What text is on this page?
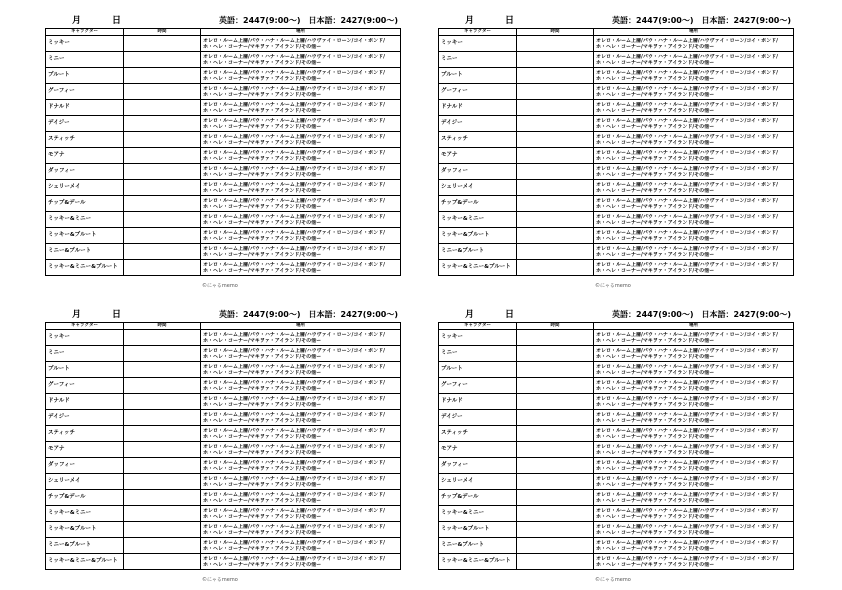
月	日	英語：2447(9:00～)　日本語：2427(9:00～)
キャラクター	時間	場所
ミッキー		オレロ・ルーム上層/パウ・ハナ・ルーム上層/ハウヴァイ・ローン/コイ・ポンド/
ホ・ヘレ・コーナー/マキヲァ・アイランド/その他ー

ミニー		オレロ・ルーム上層/パウ・ハナ・ルーム上層/ハウヴァイ・ローン/コイ・ポンド/
ホ・ヘレ・コーナー/マキヲァ・アイランド/その他ー

プルート		オレロ・ルーム上層/パウ・ハナ・ルーム上層/ハウヴァイ・ローン/コイ・ポンド/
ホ・ヘレ・コーナー/マキヲァ・アイランド/その他ー

グーフィー		オレロ・ルーム上層/パウ・ハナ・ルーム上層/ハウヴァイ・ローン/コイ・ポンド/
ホ・ヘレ・コーナー/マキヲァ・アイランド/その他ー

ドナルド		オレロ・ルーム上層/パウ・ハナ・ルーム上層/ハウヴァイ・ローン/コイ・ポンド/
ホ・ヘレ・コーナー/マキヲァ・アイランド/その他ー

デイジー		オレロ・ルーム上層/パウ・ハナ・ルーム上層/ハウヴァイ・ローン/コイ・ポンド/
ホ・ヘレ・コーナー/マキヲァ・アイランド/その他ー

スティッチ		オレロ・ルーム上層/パウ・ハナ・ルーム上層/ハウヴァイ・ローン/コイ・ポンド/
ホ・ヘレ・コーナー/マキヲァ・アイランド/その他ー

モアナ		オレロ・ルーム上層/パウ・ハナ・ルーム上層/ハウヴァイ・ローン/コイ・ポンド/
ホ・ヘレ・コーナー/マキヲァ・アイランド/その他ー

ダッフィー		オレロ・ルーム上層/パウ・ハナ・ルーム上層/ハウヴァイ・ローン/コイ・ポンド/
ホ・ヘレ・コーナー/マキヲァ・アイランド/その他ー

シェリーメイ		オレロ・ルーム上層/パウ・ハナ・ルーム上層/ハウヴァイ・ローン/コイ・ポンド/
ホ・ヘレ・コーナー/マキヲァ・アイランド/その他ー

チップ&デール		オレロ・ルーム上層/パウ・ハナ・ルーム上層/ハウヴァイ・ローン/コイ・ポンド/
ホ・ヘレ・コーナー/マキヲァ・アイランド/その他ー

ミッキー&ミニー		オレロ・ルーム上層/パウ・ハナ・ルーム上層/ハウヴァイ・ローン/コイ・ポンド/
ホ・ヘレ・コーナー/マキヲァ・アイランド/その他ー

ミッキー&プルート		オレロ・ルーム上層/パウ・ハナ・ルーム上層/ハウヴァイ・ローン/コイ・ポンド/
ホ・ヘレ・コーナー/マキヲァ・アイランド/その他ー

ミニー&プルート		オレロ・ルーム上層/パウ・ハナ・ルーム上層/ハウヴァイ・ローン/コイ・ポンド/
ホ・ヘレ・コーナー/マキヲァ・アイランド/その他ー

ミッキー&ミニー&プルート		オレロ・ルーム上層/パウ・ハナ・ルーム上層/ハウヴァイ・ローン/コイ・ポンド/
ホ・ヘレ・コーナー/マキヲァ・アイランド/その他ー
©にゃるmemo
月	日	英語：2447(9:00～)　日本語：2427(9:00～)
キャラクター	時間	場所
ミッキー		オレロ・ルーム上層/パウ・ハナ・ルーム上層/ハウヴァイ・ローン/コイ・ポンド/
ホ・ヘレ・コーナー/マキヲァ・アイランド/その他ー

ミニー		オレロ・ルーム上層/パウ・ハナ・ルーム上層/ハウヴァイ・ローン/コイ・ポンド/
ホ・ヘレ・コーナー/マキヲァ・アイランド/その他ー

プルート		オレロ・ルーム上層/パウ・ハナ・ルーム上層/ハウヴァイ・ローン/コイ・ポンド/
ホ・ヘレ・コーナー/マキヲァ・アイランド/その他ー

グーフィー		オレロ・ルーム上層/パウ・ハナ・ルーム上層/ハウヴァイ・ローン/コイ・ポンド/
ホ・ヘレ・コーナー/マキヲァ・アイランド/その他ー

ドナルド		オレロ・ルーム上層/パウ・ハナ・ルーム上層/ハウヴァイ・ローン/コイ・ポンド/
ホ・ヘレ・コーナー/マキヲァ・アイランド/その他ー

デイジー		オレロ・ルーム上層/パウ・ハナ・ルーム上層/ハウヴァイ・ローン/コイ・ポンド/
ホ・ヘレ・コーナー/マキヲァ・アイランド/その他ー

スティッチ		オレロ・ルーム上層/パウ・ハナ・ルーム上層/ハウヴァイ・ローン/コイ・ポンド/
ホ・ヘレ・コーナー/マキヲァ・アイランド/その他ー

モアナ		オレロ・ルーム上層/パウ・ハナ・ルーム上層/ハウヴァイ・ローン/コイ・ポンド/
ホ・ヘレ・コーナー/マキヲァ・アイランド/その他ー

ダッフィー		オレロ・ルーム上層/パウ・ハナ・ルーム上層/ハウヴァイ・ローン/コイ・ポンド/
ホ・ヘレ・コーナー/マキヲァ・アイランド/その他ー

シェリーメイ		オレロ・ルーム上層/パウ・ハナ・ルーム上層/ハウヴァイ・ローン/コイ・ポンド/
ホ・ヘレ・コーナー/マキヲァ・アイランド/その他ー

チップ&デール		オレロ・ルーム上層/パウ・ハナ・ルーム上層/ハウヴァイ・ローン/コイ・ポンド/
ホ・ヘレ・コーナー/マキヲァ・アイランド/その他ー

ミッキー&ミニー		オレロ・ルーム上層/パウ・ハナ・ルーム上層/ハウヴァイ・ローン/コイ・ポンド/
ホ・ヘレ・コーナー/マキヲァ・アイランド/その他ー

ミッキー&プルート		オレロ・ルーム上層/パウ・ハナ・ルーム上層/ハウヴァイ・ローン/コイ・ポンド/
ホ・ヘレ・コーナー/マキヲァ・アイランド/その他ー

ミニー&プルート		オレロ・ルーム上層/パウ・ハナ・ルーム上層/ハウヴァイ・ローン/コイ・ポンド/
ホ・ヘレ・コーナー/マキヲァ・アイランド/その他ー

ミッキー&ミニー&プルート		オレロ・ルーム上層/パウ・ハナ・ルーム上層/ハウヴァイ・ローン/コイ・ポンド/
ホ・ヘレ・コーナー/マキヲァ・アイランド/その他ー
©にゃるmemo
月	日	英語：2447(9:00～)　日本語：2427(9:00～)
キャラクター	時間	場所
ミッキー		オレロ・ルーム上層/パウ・ハナ・ルーム上層/ハウヴァイ・ローン/コイ・ポンド/
ホ・ヘレ・コーナー/マキヲァ・アイランド/その他ー

ミニー		オレロ・ルーム上層/パウ・ハナ・ルーム上層/ハウヴァイ・ローン/コイ・ポンド/
ホ・ヘレ・コーナー/マキヲァ・アイランド/その他ー

プルート		オレロ・ルーム上層/パウ・ハナ・ルーム上層/ハウヴァイ・ローン/コイ・ポンド/
ホ・ヘレ・コーナー/マキヲァ・アイランド/その他ー

グーフィー		オレロ・ルーム上層/パウ・ハナ・ルーム上層/ハウヴァイ・ローン/コイ・ポンド/
ホ・ヘレ・コーナー/マキヲァ・アイランド/その他ー

ドナルド		オレロ・ルーム上層/パウ・ハナ・ルーム上層/ハウヴァイ・ローン/コイ・ポンド/
ホ・ヘレ・コーナー/マキヲァ・アイランド/その他ー

デイジー		オレロ・ルーム上層/パウ・ハナ・ルーム上層/ハウヴァイ・ローン/コイ・ポンド/
ホ・ヘレ・コーナー/マキヲァ・アイランド/その他ー

スティッチ		オレロ・ルーム上層/パウ・ハナ・ルーム上層/ハウヴァイ・ローン/コイ・ポンド/
ホ・ヘレ・コーナー/マキヲァ・アイランド/その他ー

モアナ		オレロ・ルーム上層/パウ・ハナ・ルーム上層/ハウヴァイ・ローン/コイ・ポンド/
ホ・ヘレ・コーナー/マキヲァ・アイランド/その他ー

ダッフィー		オレロ・ルーム上層/パウ・ハナ・ルーム上層/ハウヴァイ・ローン/コイ・ポンド/
ホ・ヘレ・コーナー/マキヲァ・アイランド/その他ー

シェリーメイ		オレロ・ルーム上層/パウ・ハナ・ルーム上層/ハウヴァイ・ローン/コイ・ポンド/
ホ・ヘレ・コーナー/マキヲァ・アイランド/その他ー

チップ&デール		オレロ・ルーム上層/パウ・ハナ・ルーム上層/ハウヴァイ・ローン/コイ・ポンド/
ホ・ヘレ・コーナー/マキヲァ・アイランド/その他ー

ミッキー&ミニー		オレロ・ルーム上層/パウ・ハナ・ルーム上層/ハウヴァイ・ローン/コイ・ポンド/
ホ・ヘレ・コーナー/マキヲァ・アイランド/その他ー

ミッキー&プルート		オレロ・ルーム上層/パウ・ハナ・ルーム上層/ハウヴァイ・ローン/コイ・ポンド/
ホ・ヘレ・コーナー/マキヲァ・アイランド/その他ー

ミニー&プルート		オレロ・ルーム上層/パウ・ハナ・ルーム上層/ハウヴァイ・ローン/コイ・ポンド/
ホ・ヘレ・コーナー/マキヲァ・アイランド/その他ー

ミッキー&ミニー&プルート		オレロ・ルーム上層/パウ・ハナ・ルーム上層/ハウヴァイ・ローン/コイ・ポンド/
ホ・ヘレ・コーナー/マキヲァ・アイランド/その他ー
©にゃるmemo
月	日	英語：2447(9:00～)　日本語：2427(9:00～)
キャラクター	時間	場所
ミッキー		オレロ・ルーム上層/パウ・ハナ・ルーム上層/ハウヴァイ・ローン/コイ・ポンド/
ホ・ヘレ・コーナー/マキヲァ・アイランド/その他ー

ミニー		オレロ・ルーム上層/パウ・ハナ・ルーム上層/ハウヴァイ・ローン/コイ・ポンド/
ホ・ヘレ・コーナー/マキヲァ・アイランド/その他ー

プルート		オレロ・ルーム上層/パウ・ハナ・ルーム上層/ハウヴァイ・ローン/コイ・ポンド/
ホ・ヘレ・コーナー/マキヲァ・アイランド/その他ー

グーフィー		オレロ・ルーム上層/パウ・ハナ・ルーム上層/ハウヴァイ・ローン/コイ・ポンド/
ホ・ヘレ・コーナー/マキヲァ・アイランド/その他ー

ドナルド		オレロ・ルーム上層/パウ・ハナ・ルーム上層/ハウヴァイ・ローン/コイ・ポンド/
ホ・ヘレ・コーナー/マキヲァ・アイランド/その他ー

デイジー		オレロ・ルーム上層/パウ・ハナ・ルーム上層/ハウヴァイ・ローン/コイ・ポンド/
ホ・ヘレ・コーナー/マキヲァ・アイランド/その他ー

スティッチ		オレロ・ルーム上層/パウ・ハナ・ルーム上層/ハウヴァイ・ローン/コイ・ポンド/
ホ・ヘレ・コーナー/マキヲァ・アイランド/その他ー

モアナ		オレロ・ルーム上層/パウ・ハナ・ルーム上層/ハウヴァイ・ローン/コイ・ポンド/
ホ・ヘレ・コーナー/マキヲァ・アイランド/その他ー

ダッフィー		オレロ・ルーム上層/パウ・ハナ・ルーム上層/ハウヴァイ・ローン/コイ・ポンド/
ホ・ヘレ・コーナー/マキヲァ・アイランド/その他ー

シェリーメイ		オレロ・ルーム上層/パウ・ハナ・ルーム上層/ハウヴァイ・ローン/コイ・ポンド/
ホ・ヘレ・コーナー/マキヲァ・アイランド/その他ー

チップ&デール		オレロ・ルーム上層/パウ・ハナ・ルーム上層/ハウヴァイ・ローン/コイ・ポンド/
ホ・ヘレ・コーナー/マキヲァ・アイランド/その他ー

ミッキー&ミニー		オレロ・ルーム上層/パウ・ハナ・ルーム上層/ハウヴァイ・ローン/コイ・ポンド/
ホ・ヘレ・コーナー/マキヲァ・アイランド/その他ー

ミッキー&プルート		オレロ・ルーム上層/パウ・ハナ・ルーム上層/ハウヴァイ・ローン/コイ・ポンド/
ホ・ヘレ・コーナー/マキヲァ・アイランド/その他ー

ミニー&プルート		オレロ・ルーム上層/パウ・ハナ・ルーム上層/ハウヴァイ・ローン/コイ・ポンド/
ホ・ヘレ・コーナー/マキヲァ・アイランド/その他ー

ミッキー&ミニー&プルート		オレロ・ルーム上層/パウ・ハナ・ルーム上層/ハウヴァイ・ローン/コイ・ポンド/
ホ・ヘレ・コーナー/マキヲァ・アイランド/その他ー
©にゃるmemo
